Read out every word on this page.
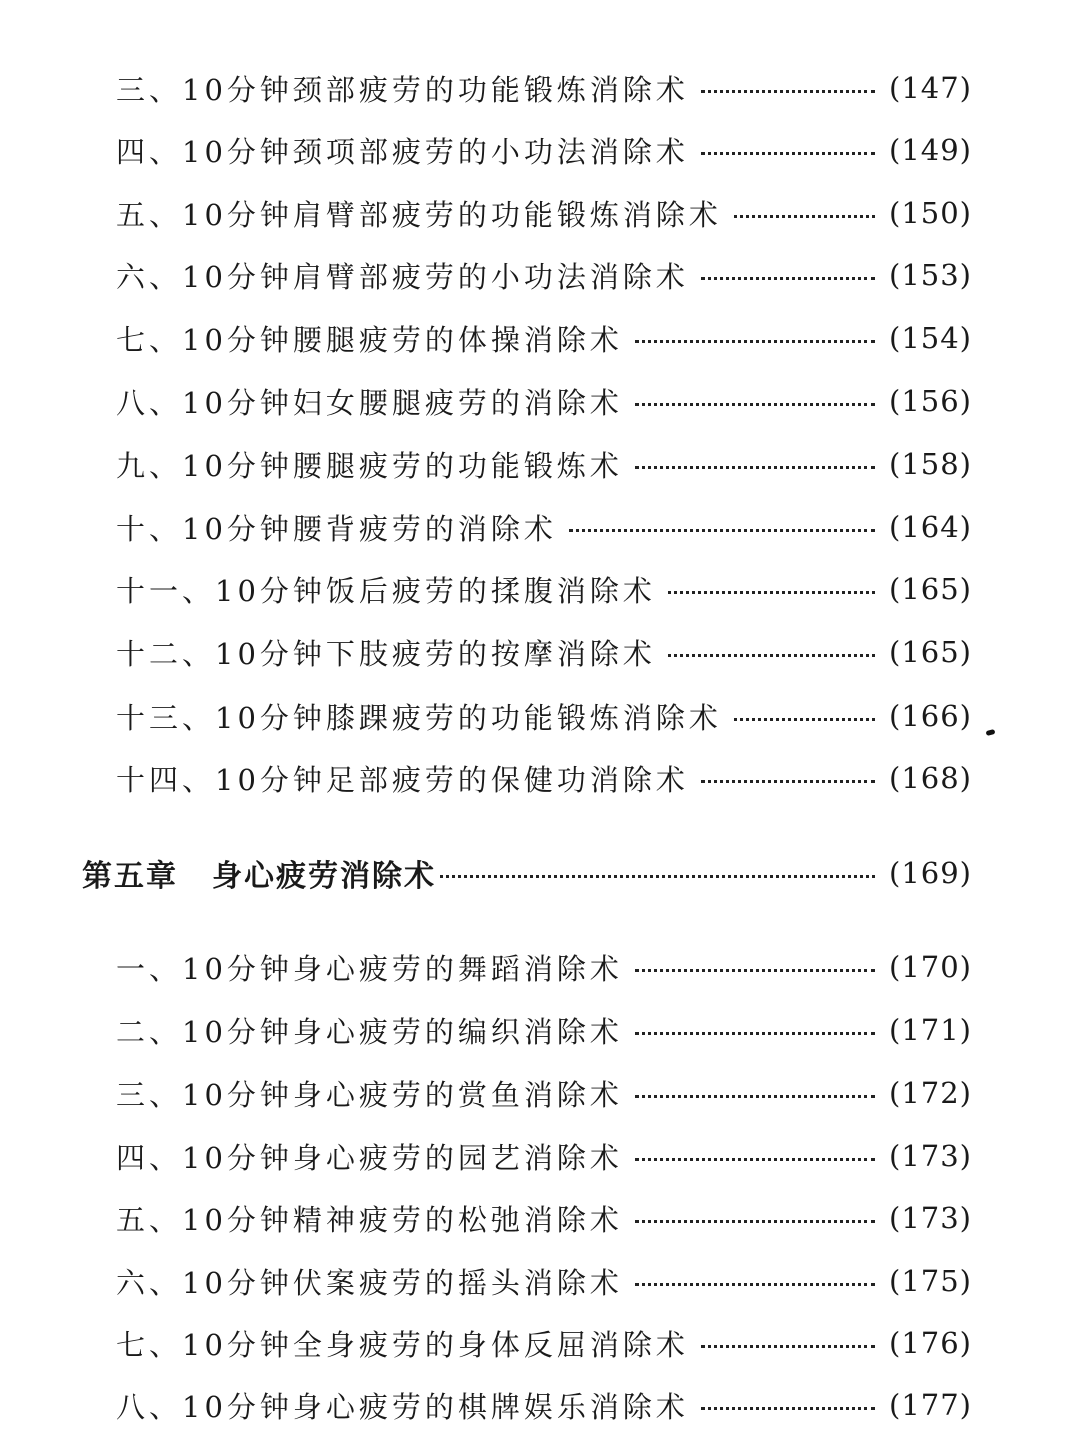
三、10分钟颈部疲劳的功能锻炼消除术	(147)
四、10分钟颈项部疲劳的小功法消除术	(149)
五、10分钟肩臂部疲劳的功能锻炼消除术	(150)
六、10分钟肩臂部疲劳的小功法消除术	(153)
七、10分钟腰腿疲劳的体操消除术	(154)
八、10分钟妇女腰腿疲劳的消除术	(156)
九、10分钟腰腿疲劳的功能锻炼术	(158)
十、10分钟腰背疲劳的消除术	(164)
十一、10分钟饭后疲劳的揉腹消除术	(165)
十二、10分钟下肢疲劳的按摩消除术	(165)
十三、10分钟膝踝疲劳的功能锻炼消除术	(166)
十四、10分钟足部疲劳的保健功消除术	(168)
第五章 身心疲劳消除术	(169)
一、10分钟身心疲劳的舞蹈消除术	(170)
二、10分钟身心疲劳的编织消除术	(171)
三、10分钟身心疲劳的赏鱼消除术	(172)
四、10分钟身心疲劳的园艺消除术	(173)
五、10分钟精神疲劳的松弛消除术	(173)
六、10分钟伏案疲劳的摇头消除术	(175)
七、10分钟全身疲劳的身体反屈消除术	(176)
八、10分钟身心疲劳的棋牌娱乐消除术	(177)
